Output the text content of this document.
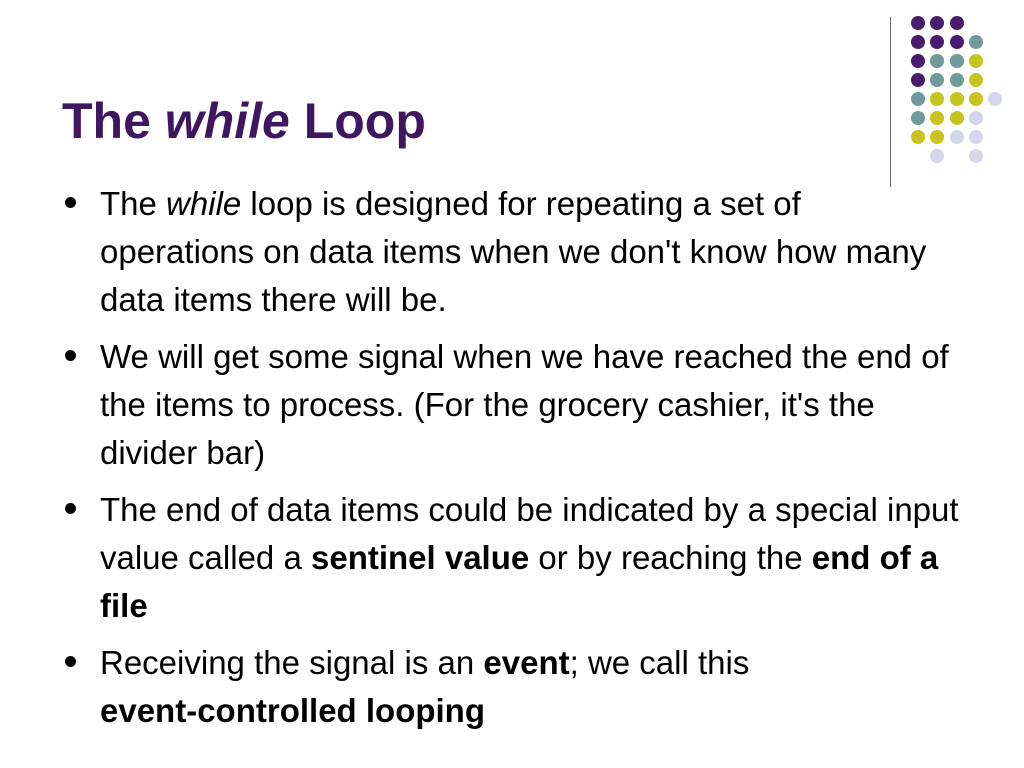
The while Loop
The while loop is designed for repeating a set of operations on data items when we don't know how many data items there will be.
We will get some signal when we have reached the end of the items to process. (For the grocery cashier, it's the divider bar)
The end of data items could be indicated by a special input value called a sentinel value or by reaching the end of a file
Receiving the signal is an event; we call this
event-controlled looping
